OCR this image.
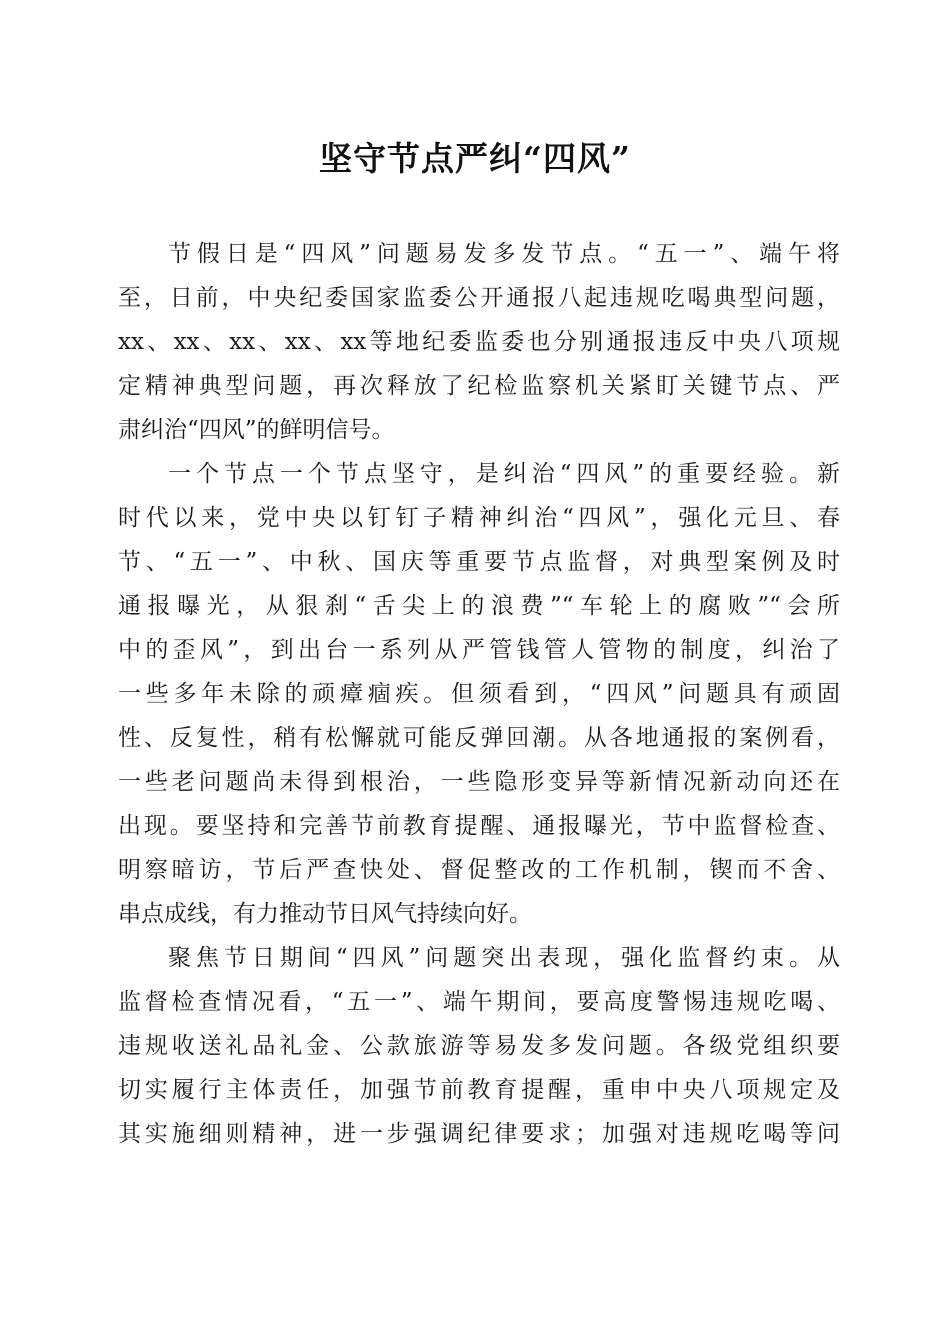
坚守节点严纠“四风”
节假日是“四风”问题易发多发节点。“五一”、端午将
至，日前，中央纪委国家监委公开通报八起违规吃喝典型问题，
xx、xx、xx、xx、xx等地纪委监委也分别通报违反中央八项规
定精神典型问题，再次释放了纪检监察机关紧盯关键节点、严
肃纠治“四风”的鲜明信号。
一个节点一个节点坚守，是纠治“四风”的重要经验。新
时代以来，党中央以钉钉子精神纠治“四风”，强化元旦、春
节、“五一”、中秋、国庆等重要节点监督，对典型案例及时
通报曝光，从狠刹“舌尖上的浪费”“车轮上的腐败”“会所
中的歪风”，到出台一系列从严管钱管人管物的制度，纠治了
一些多年未除的顽瘴痼疾。但须看到，“四风”问题具有顽固
性、反复性，稍有松懈就可能反弹回潮。从各地通报的案例看，
一些老问题尚未得到根治，一些隐形变异等新情况新动向还在
出现。要坚持和完善节前教育提醒、通报曝光，节中监督检查、
明察暗访，节后严查快处、督促整改的工作机制，锲而不舍、
串点成线，有力推动节日风气持续向好。
聚焦节日期间“四风”问题突出表现，强化监督约束。从
监督检查情况看，“五一”、端午期间，要高度警惕违规吃喝、
违规收送礼品礼金、公款旅游等易发多发问题。各级党组织要
切实履行主体责任，加强节前教育提醒，重申中央八项规定及
其实施细则精神，进一步强调纪律要求；加强对违规吃喝等问
